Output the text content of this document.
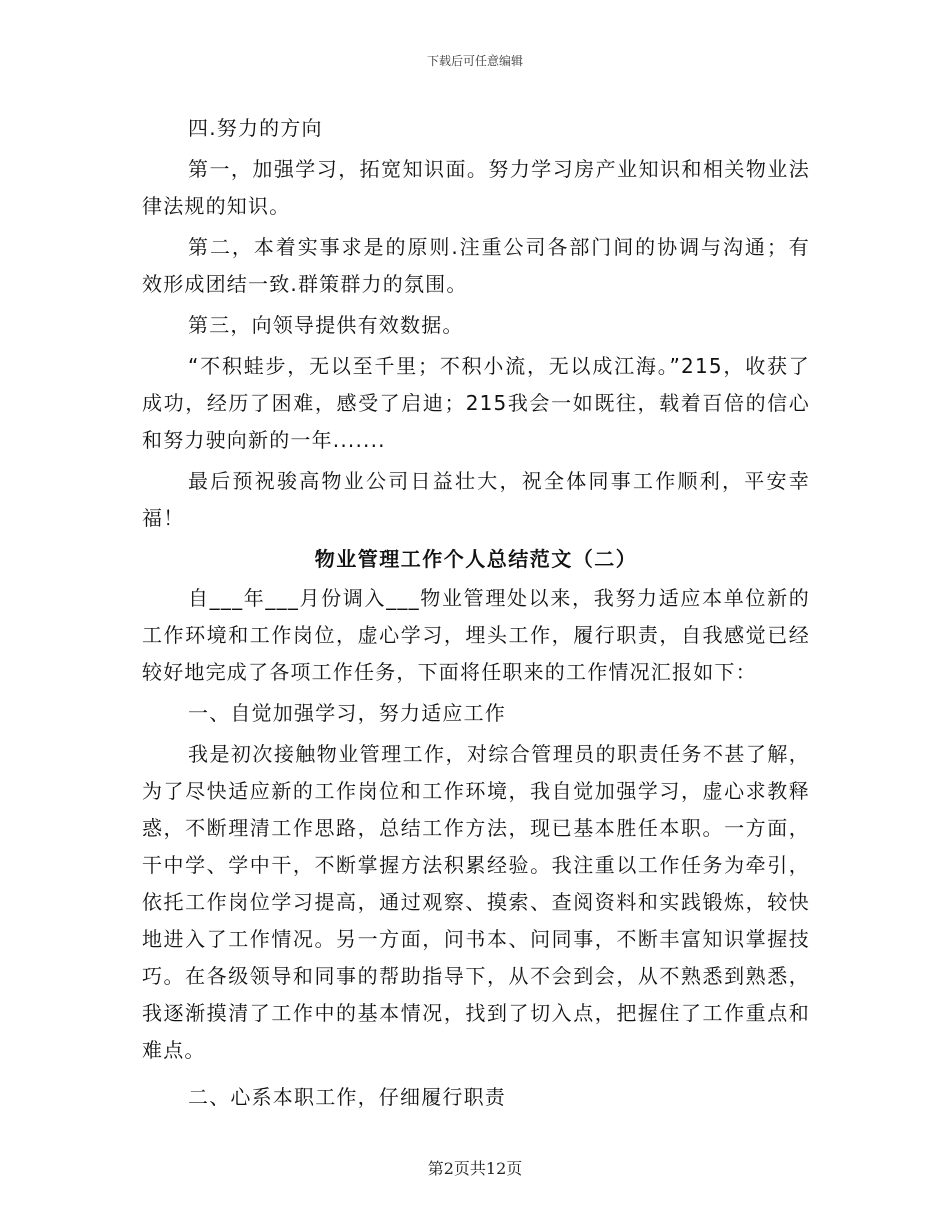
下载后可任意编辑

四.努力的方向

第一，加强学习，拓宽知识面。努力学习房产业知识和相关物业法律法规的知识。

第二，本着实事求是的原则.注重公司各部门间的协调与沟通；有效形成团结一致.群策群力的氛围。

第三，向领导提供有效数据。

“不积蛙步，无以至千里；不积小流，无以成江海。”215，收获了成功，经历了困难，感受了启迪；215我会一如既往，载着百倍的信心和努力驶向新的一年.......

最后预祝骏高物业公司日益壮大，祝全体同事工作顺利，平安幸福！

物业管理工作个人总结范文（二）

自___年___月份调入___物业管理处以来，我努力适应本单位新的工作环境和工作岗位，虚心学习，埋头工作，履行职责，自我感觉已经较好地完成了各项工作任务，下面将任职来的工作情况汇报如下：

一、自觉加强学习，努力适应工作

我是初次接触物业管理工作，对综合管理员的职责任务不甚了解，为了尽快适应新的工作岗位和工作环境，我自觉加强学习，虚心求教释惑，不断理清工作思路，总结工作方法，现已基本胜任本职。一方面，干中学、学中干，不断掌握方法积累经验。我注重以工作任务为牵引，依托工作岗位学习提高，通过观察、摸索、查阅资料和实践锻炼，较快地进入了工作情况。另一方面，问书本、问同事，不断丰富知识掌握技巧。在各级领导和同事的帮助指导下，从不会到会，从不熟悉到熟悉，我逐渐摸清了工作中的基本情况，找到了切入点，把握住了工作重点和难点。

二、心系本职工作，仔细履行职责

第2页共12页
